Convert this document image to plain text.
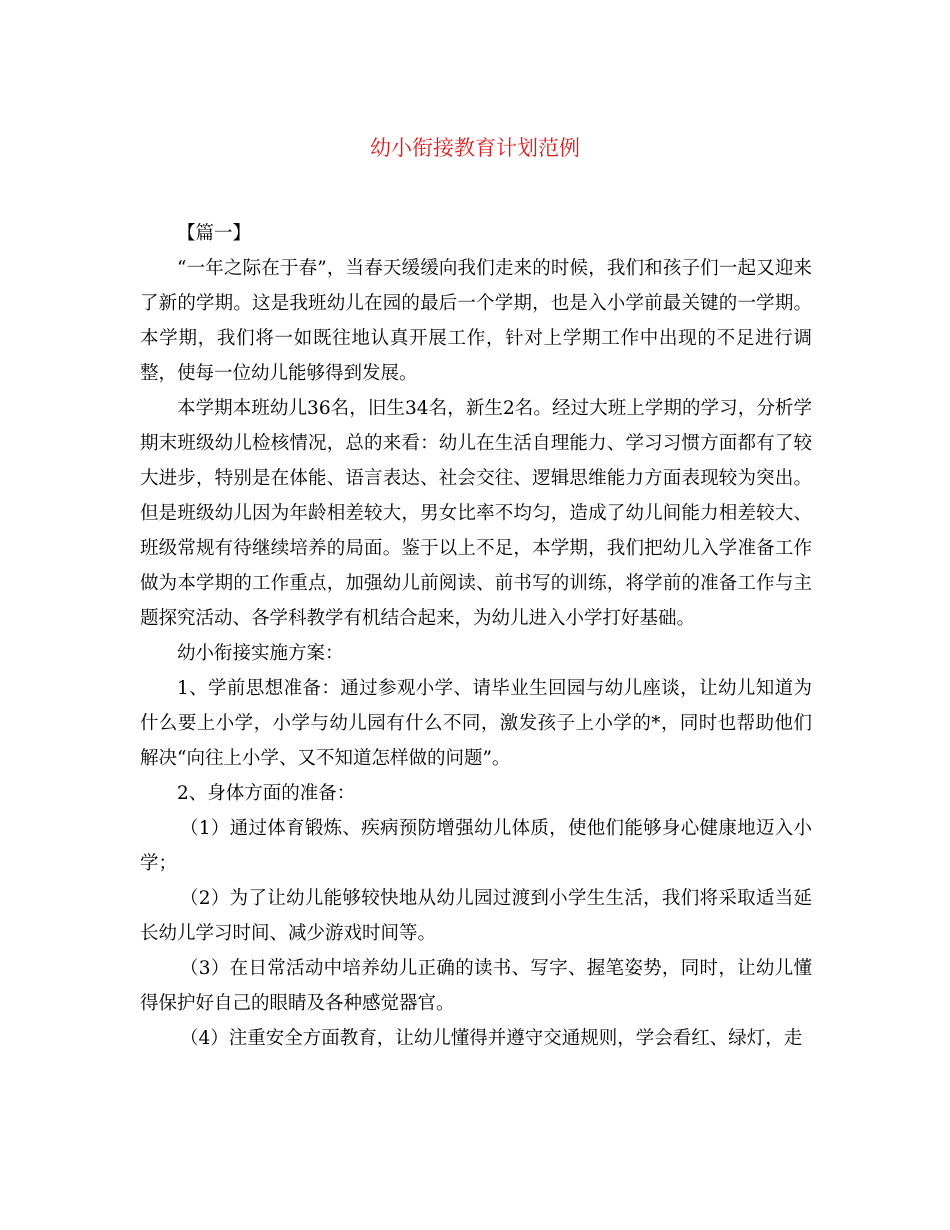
幼小衔接教育计划范例

【篇一】

“一年之际在于春”，当春天缓缓向我们走来的时候，我们和孩子们一起又迎来了新的学期。这是我班幼儿在园的最后一个学期，也是入小学前最关键的一学期。本学期，我们将一如既往地认真开展工作，针对上学期工作中出现的不足进行调整，使每一位幼儿能够得到发展。

本学期本班幼儿36名，旧生34名，新生2名。经过大班上学期的学习，分析学期末班级幼儿检核情况，总的来看：幼儿在生活自理能力、学习习惯方面都有了较大进步，特别是在体能、语言表达、社会交往、逻辑思维能力方面表现较为突出。但是班级幼儿因为年龄相差较大，男女比率不均匀，造成了幼儿间能力相差较大、班级常规有待继续培养的局面。鉴于以上不足，本学期，我们把幼儿入学准备工作做为本学期的工作重点，加强幼儿前阅读、前书写的训练，将学前的准备工作与主题探究活动、各学科教学有机结合起来，为幼儿进入小学打好基础。

幼小衔接实施方案：

1、学前思想准备：通过参观小学、请毕业生回园与幼儿座谈，让幼儿知道为什么要上小学，小学与幼儿园有什么不同，激发孩子上小学的*，同时也帮助他们解决“向往上小学、又不知道怎样做的问题”。

2、身体方面的准备：

（1）通过体育锻炼、疾病预防增强幼儿体质，使他们能够身心健康地迈入小学；

（2）为了让幼儿能够较快地从幼儿园过渡到小学生生活，我们将采取适当延长幼儿学习时间、减少游戏时间等。

（3）在日常活动中培养幼儿正确的读书、写字、握笔姿势，同时，让幼儿懂得保护好自己的眼睛及各种感觉器官。

（4）注重安全方面教育，让幼儿懂得并遵守交通规则，学会看红、绿灯，走
